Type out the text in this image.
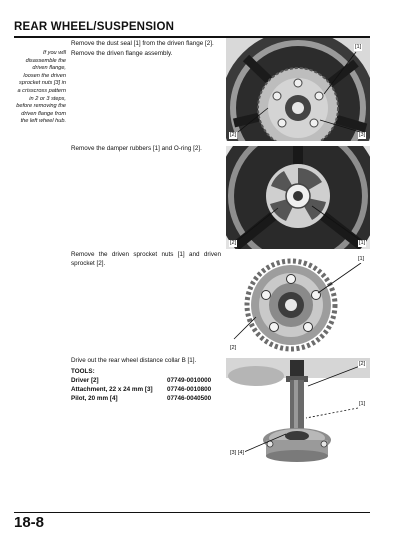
REAR WHEEL/SUSPENSION
If you will
disassemble the
driven flange,
loosen the driven
sprocket nuts [3] in
a crisscross pattern
in 2 or 3 steps,
before removing the
driven flange from
the left wheel hub.
Remove the dust seal [1] from the driven flange [2].
Remove the driven flange assembly.
Remove the damper rubbers [1] and O-ring [2].
Remove the driven sprocket nuts [1] and driven sprocket [2].
Drive out the rear wheel distance collar B [1].
TOOLS:
Driver [2]	07749-0010000
Attachment, 22 x 24 mm [3] 07746-0010800
Pilot, 20 mm [4]	07746-0040500
[1]
[2]	[3]
[2]	[1]
[1]
[2]
[2]
[1]
[3] [4]
18-8
